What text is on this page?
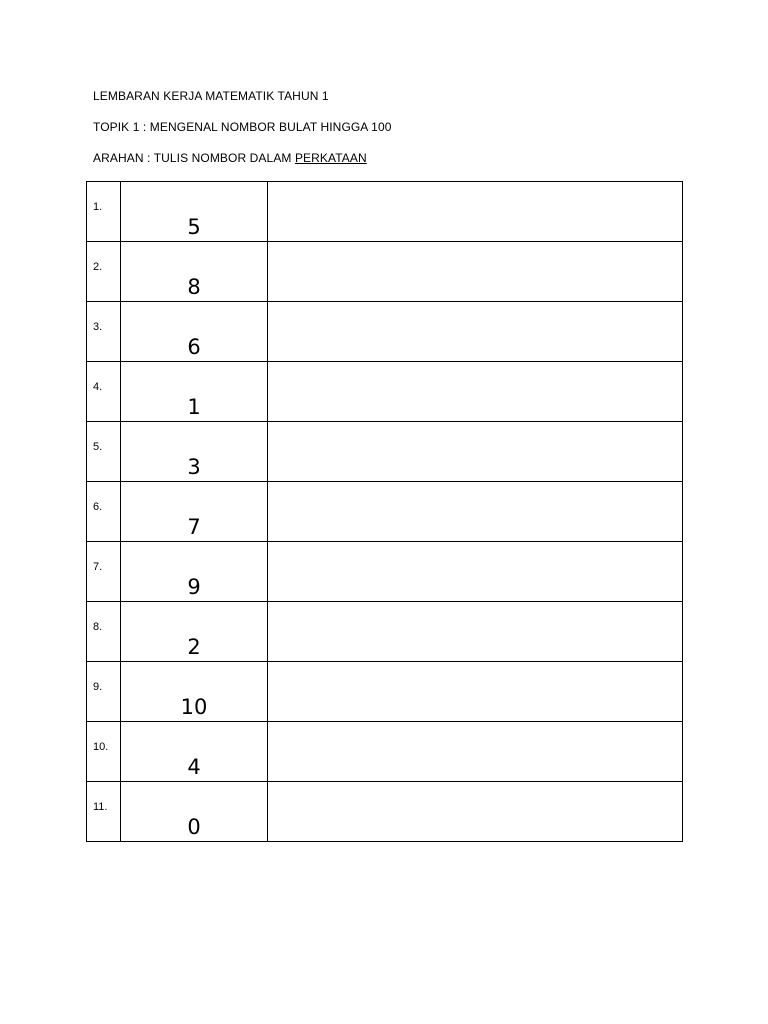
LEMBARAN KERJA MATEMATIK TAHUN 1
TOPIK 1 : MENGENAL NOMBOR BULAT HINGGA 100
ARAHAN : TULIS NOMBOR DALAM PERKATAAN
1.	5	

2.	8	

3.	6	

4.	1	

5.	3	

6.	7	

7.	9	

8.	2	

9.	10	

10.	4	

11.	0	
